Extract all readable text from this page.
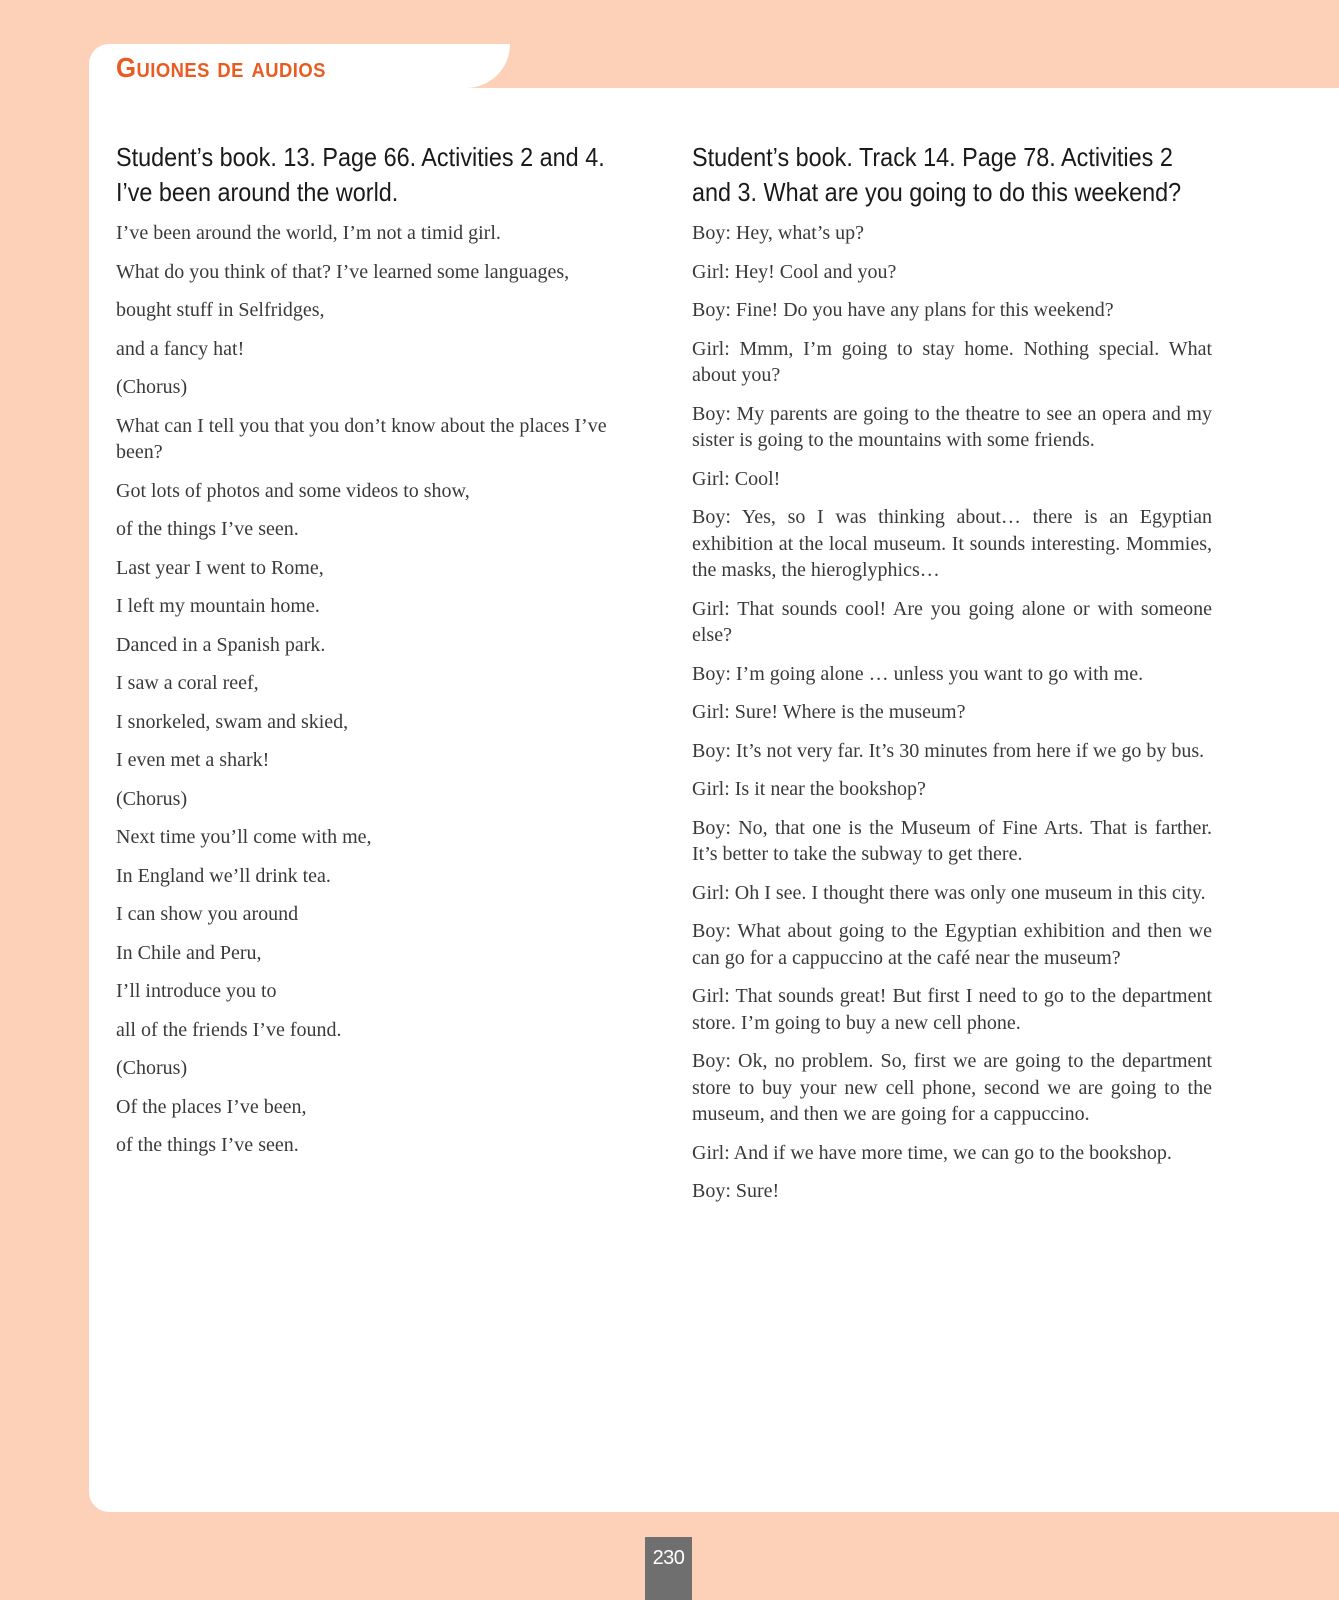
Guiones de audios
Student’s book. 13. Page 66. Activities 2 and 4. I’ve been around the world.

I’ve been around the world, I’m not a timid girl.

What do you think of that? I’ve learned some languages,

bought stuff in Selfridges,

and a fancy hat!

(Chorus)

What can I tell you that you don’t know about the places I’ve been?

Got lots of photos and some videos to show,

of the things I’ve seen.

Last year I went to Rome,

I left my mountain home.

Danced in a Spanish park.

I saw a coral reef,

I snorkeled, swam and skied,

I even met a shark!

(Chorus)

Next time you’ll come with me,

In England we’ll drink tea.

I can show you around

In Chile and Peru,

I’ll introduce you to

all of the friends I’ve found.

(Chorus)

Of the places I’ve been,

of the things I’ve seen.

Student’s book. Track 14. Page 78. Activities 2 and 3. What are you going to do this weekend?

Boy: Hey, what’s up?

Girl: Hey! Cool and you?

Boy: Fine! Do you have any plans for this weekend?

Girl: Mmm, I’m going to stay home. Nothing special. What about you?

Boy: My parents are going to the theatre to see an opera and my sister is going to the mountains with some friends.

Girl: Cool!

Boy: Yes, so I was thinking about… there is an Egyptian exhibition at the local museum. It sounds interesting. Mommies, the masks, the hieroglyphics…

Girl: That sounds cool! Are you going alone or with someone else?

Boy: I’m going alone … unless you want to go with me.

Girl: Sure! Where is the museum?

Boy: It’s not very far. It’s 30 minutes from here if we go by bus.

Girl: Is it near the bookshop?

Boy: No, that one is the Museum of Fine Arts. That is farther. It’s better to take the subway to get there.

Girl: Oh I see. I thought there was only one museum in this city.

Boy: What about going to the Egyptian exhibition and then we can go for a cappuccino at the café near the museum?

Girl: That sounds great! But first I need to go to the department store. I’m going to buy a new cell phone.

Boy: Ok, no problem. So, first we are going to the department store to buy your new cell phone, second we are going to the museum, and then we are going for a cappuccino.

Girl: And if we have more time, we can go to the bookshop.

Boy: Sure!

230
